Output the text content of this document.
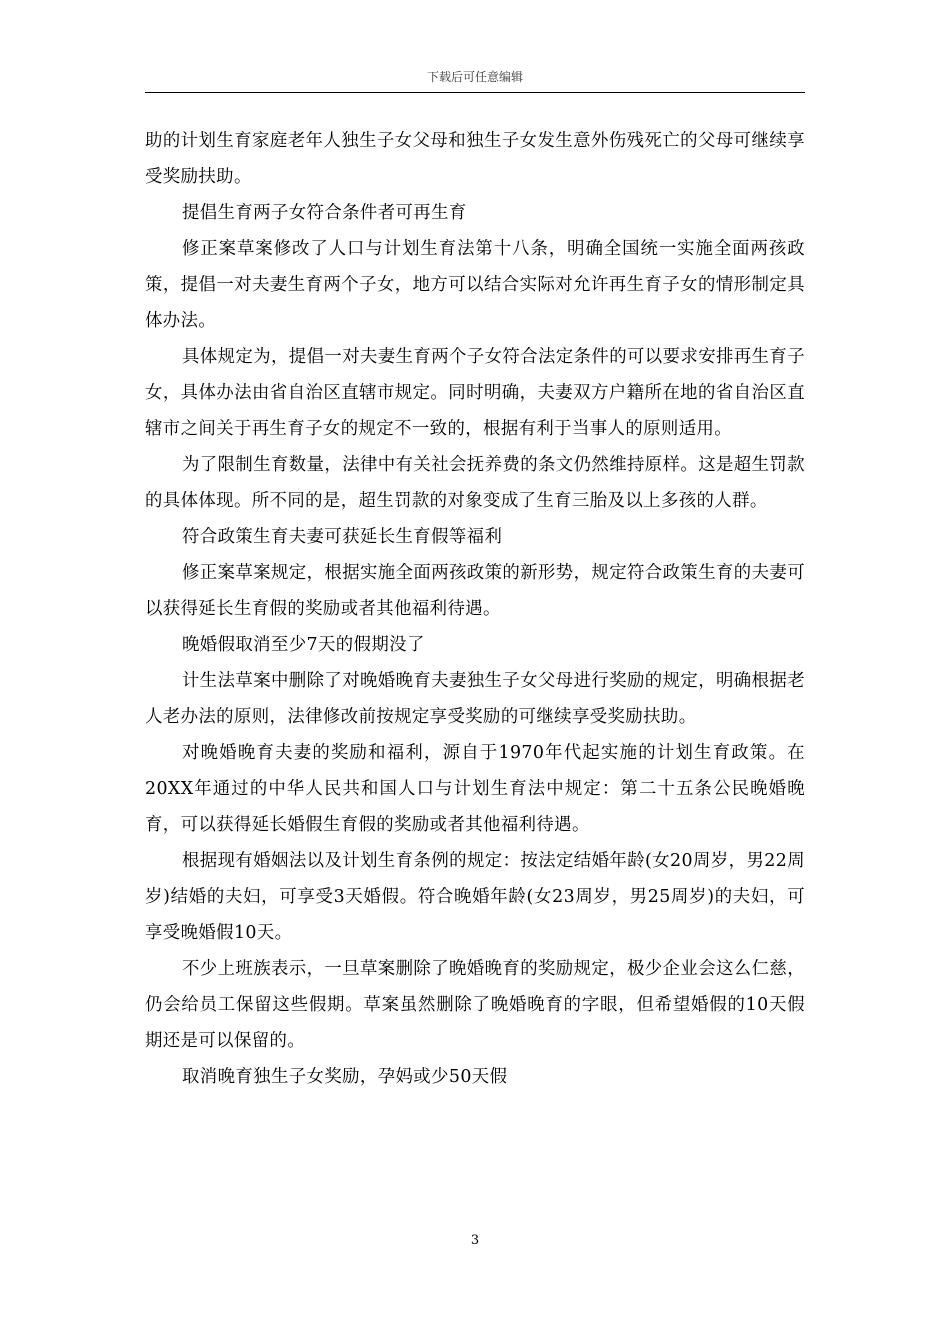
下载后可任意编辑

助的计划生育家庭老年人独生子女父母和独生子女发生意外伤残死亡的父母可继续享受奖励扶助。

提倡生育两子女符合条件者可再生育

修正案草案修改了人口与计划生育法第十八条，明确全国统一实施全面两孩政策，提倡一对夫妻生育两个子女，地方可以结合实际对允许再生育子女的情形制定具体办法。

具体规定为，提倡一对夫妻生育两个子女符合法定条件的可以要求安排再生育子女，具体办法由省自治区直辖市规定。同时明确，夫妻双方户籍所在地的省自治区直辖市之间关于再生育子女的规定不一致的，根据有利于当事人的原则适用。

为了限制生育数量，法律中有关社会抚养费的条文仍然维持原样。这是超生罚款的具体体现。所不同的是，超生罚款的对象变成了生育三胎及以上多孩的人群。

符合政策生育夫妻可获延长生育假等福利

修正案草案规定，根据实施全面两孩政策的新形势，规定符合政策生育的夫妻可以获得延长生育假的奖励或者其他福利待遇。

晚婚假取消至少7天的假期没了

计生法草案中删除了对晚婚晚育夫妻独生子女父母进行奖励的规定，明确根据老人老办法的原则，法律修改前按规定享受奖励的可继续享受奖励扶助。

对晚婚晚育夫妻的奖励和福利，源自于1970年代起实施的计划生育政策。在20XX年通过的中华人民共和国人口与计划生育法中规定：第二十五条公民晚婚晚育，可以获得延长婚假生育假的奖励或者其他福利待遇。

根据现有婚姻法以及计划生育条例的规定：按法定结婚年龄(女20周岁，男22周岁)结婚的夫妇，可享受3天婚假。符合晚婚年龄(女23周岁，男25周岁)的夫妇，可享受晚婚假10天。

不少上班族表示，一旦草案删除了晚婚晚育的奖励规定，极少企业会这么仁慈，仍会给员工保留这些假期。草案虽然删除了晚婚晚育的字眼，但希望婚假的10天假期还是可以保留的。

取消晚育独生子女奖励，孕妈或少50天假

3
